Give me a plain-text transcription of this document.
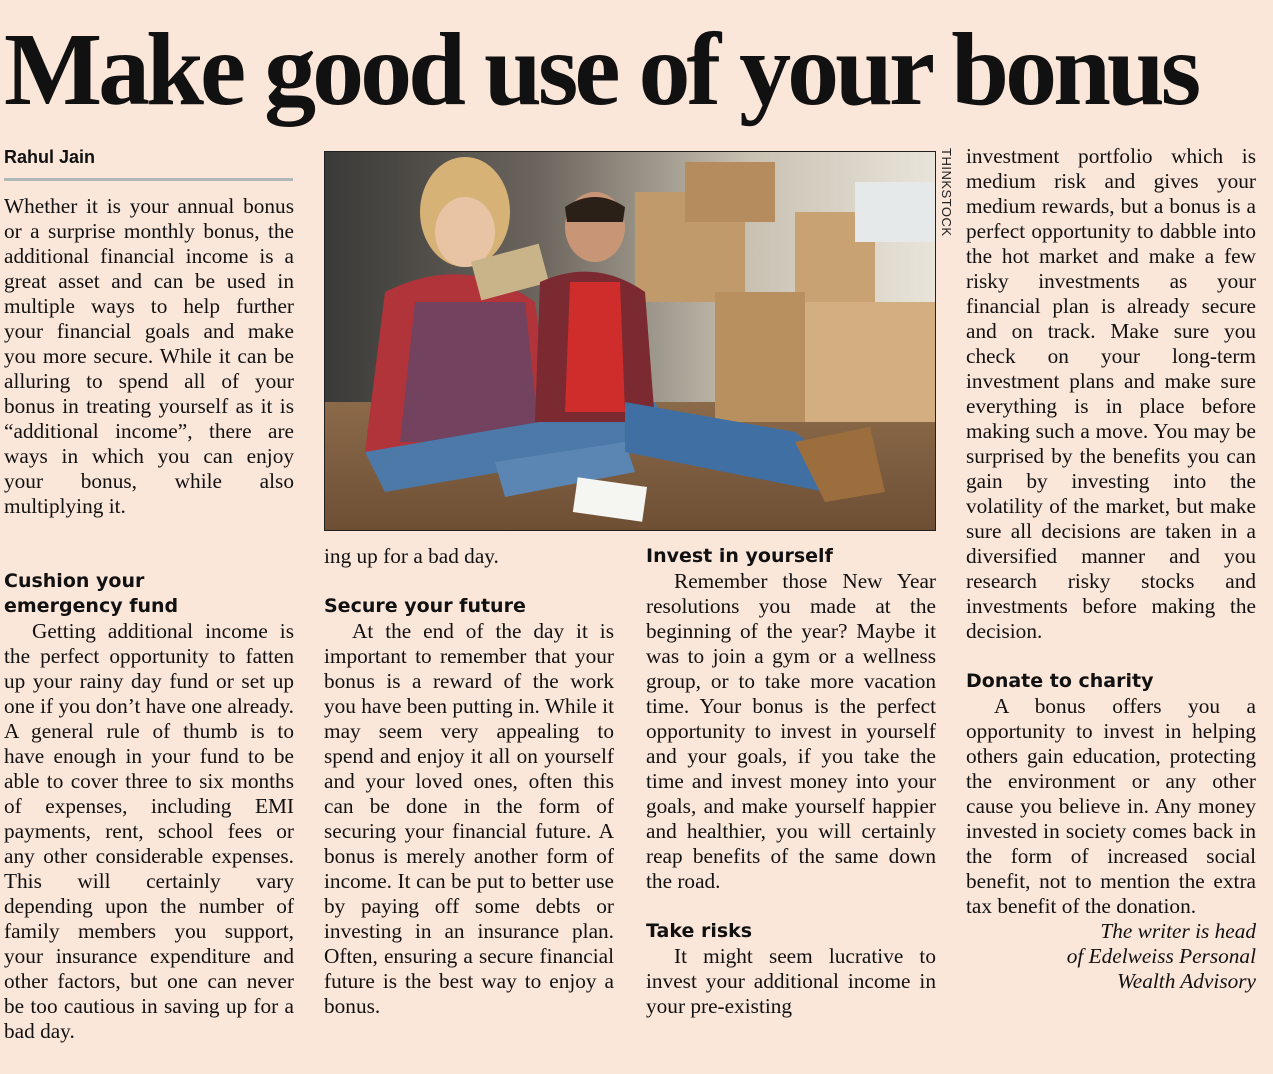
Make good use of your bonus
Rahul Jain

Whether it is your annual bonus or a surprise monthly bonus, the additional financial income is a great asset and can be used in multiple ways to help further your financial goals and make you more secure. While it can be alluring to spend all of your bonus in treating yourself as it is “additional income”, there are ways in which you can enjoy your bonus, while also multiplying it.

Cushion your emergency fund

Getting additional income is the perfect opportunity to fatten up your rainy day fund or set up one if you don’t have one already. A general rule of thumb is to have enough in your fund to be able to cover three to six months of expenses, including EMI payments, rent, school fees or any other considerable expenses. This will certainly vary depending upon the number of family members you support, your insurance expenditure and other factors, but one can never be too cautious in saving up for a bad day.

THINKSTOCK

ing up for a bad day.

Secure your future

At the end of the day it is important to remember that your bonus is a reward of the work you have been putting in. While it may seem very appealing to spend and enjoy it all on yourself and your loved ones, often this can be done in the form of securing your financial future. A bonus is merely another form of income. It can be put to better use by paying off some debts or investing in an insurance plan. Often, ensuring a secure financial future is the best way to enjoy a bonus.

Invest in yourself

Remember those New Year resolutions you made at the beginning of the year? Maybe it was to join a gym or a wellness group, or to take more vacation time. Your bonus is the perfect opportunity to invest in yourself and your goals, if you take the time and invest money into your goals, and make yourself happier and healthier, you will certainly reap benefits of the same down the road.

Take risks

It might seem lucrative to invest your additional income in your pre-existing

investment portfolio which is medium risk and gives your medium rewards, but a bonus is a perfect opportunity to dabble into the hot market and make a few risky investments as your financial plan is already secure and on track. Make sure you check on your long-term investment plans and make sure everything is in place before making such a move. You may be surprised by the benefits you can gain by investing into the volatility of the market, but make sure all decisions are taken in a diversified manner and you research risky stocks and investments before making the decision.

Donate to charity

A bonus offers you a opportunity to invest in helping others gain education, protecting the environment or any other cause you believe in. Any money invested in society comes back in the form of increased social benefit, not to mention the extra tax benefit of the donation.

The writer is head

of Edelweiss Personal

Wealth Advisory
